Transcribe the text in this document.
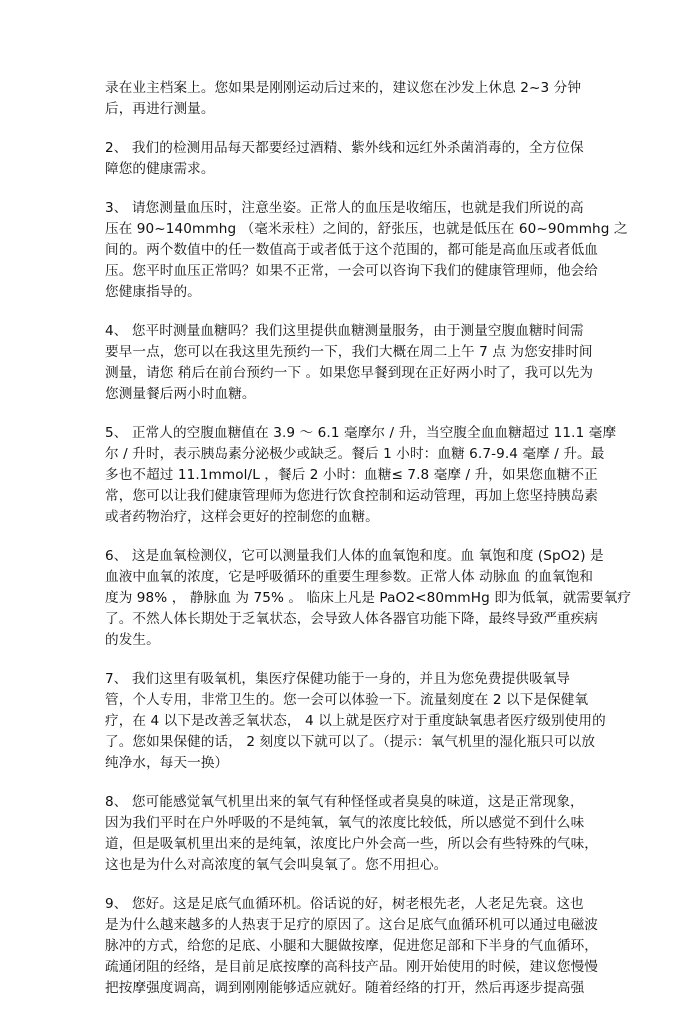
录在业主档案上。您如果是刚刚运动后过来的，建议您在沙发上休息 2~3 分钟
后，再进行测量。
2、 我们的检测用品每天都要经过酒精、紫外线和远红外杀菌消毒的，全方位保
障您的健康需求。
3、 请您测量血压时，注意坐姿。正常人的血压是收缩压，也就是我们所说的高
压在 90~140mmhg （毫米汞柱）之间的，舒张压，也就是低压在 60~90mmhg 之
间的。两个数值中的任一数值高于或者低于这个范围的，都可能是高血压或者低血
压。您平时血压正常吗？如果不正常，一会可以咨询下我们的健康管理师，他会给
您健康指导的。
4、 您平时测量血糖吗？我们这里提供血糖测量服务，由于测量空腹血糖时间需
要早一点，您可以在我这里先预约一下，我们大概在周二上午 7 点 为您安排时间
测量，请您 稍后在前台预约一下 。如果您早餐到现在正好两小时了，我可以先为
您测量餐后两小时血糖。
5、 正常人的空腹血糖值在 3.9 ～ 6.1 毫摩尔 / 升，当空腹全血血糖超过 11.1 毫摩
尔 / 升时，表示胰岛素分泌极少或缺乏。餐后 1 小时：血糖 6.7-9.4 毫摩 / 升。最
多也不超过 11.1mmol/L ，餐后 2 小时：血糖≤ 7.8 毫摩 / 升，如果您血糖不正
常，您可以让我们健康管理师为您进行饮食控制和运动管理，再加上您坚持胰岛素
或者药物治疗，这样会更好的控制您的血糖。
6、 这是血氧检测仪，它可以测量我们人体的血氧饱和度。血 氧饱和度 (SpO2) 是
血液中血氧的浓度，它是呼吸循环的重要生理参数。正常人体 动脉血 的血氧饱和
度为 98% ， 静脉血 为 75% 。 临床上凡是 PaO2<80mmHg 即为低氧，就需要氧疗
了。不然人体长期处于乏氧状态，会导致人体各器官功能下降，最终导致严重疾病
的发生。
7、 我们这里有吸氧机，集医疗保健功能于一身的，并且为您免费提供吸氧导
管，个人专用，非常卫生的。您一会可以体验一下。流量刻度在 2 以下是保健氧
疗，在 4 以下是改善乏氧状态， 4 以上就是医疗对于重度缺氧患者医疗级别使用的
了。您如果保健的话， 2 刻度以下就可以了。（提示：氧气机里的湿化瓶只可以放
纯净水，每天一换）
8、 您可能感觉氧气机里出来的氧气有种怪怪或者臭臭的味道，这是正常现象，
因为我们平时在户外呼吸的不是纯氧，氧气的浓度比较低，所以感觉不到什么味
道，但是吸氧机里出来的是纯氧，浓度比户外会高一些，所以会有些特殊的气味，
这也是为什么对高浓度的氧气会叫臭氧了。您不用担心。
9、 您好。这是足底气血循环机。俗话说的好，树老根先老，人老足先衰。这也
是为什么越来越多的人热衷于足疗的原因了。这台足底气血循环机可以通过电磁波
脉冲的方式，给您的足底、小腿和大腿做按摩，促进您足部和下半身的气血循环，
疏通闭阻的经络，是目前足底按摩的高科技产品。刚开始使用的时候，建议您慢慢
把按摩强度调高，调到刚刚能够适应就好。随着经络的打开，然后再逐步提高强
